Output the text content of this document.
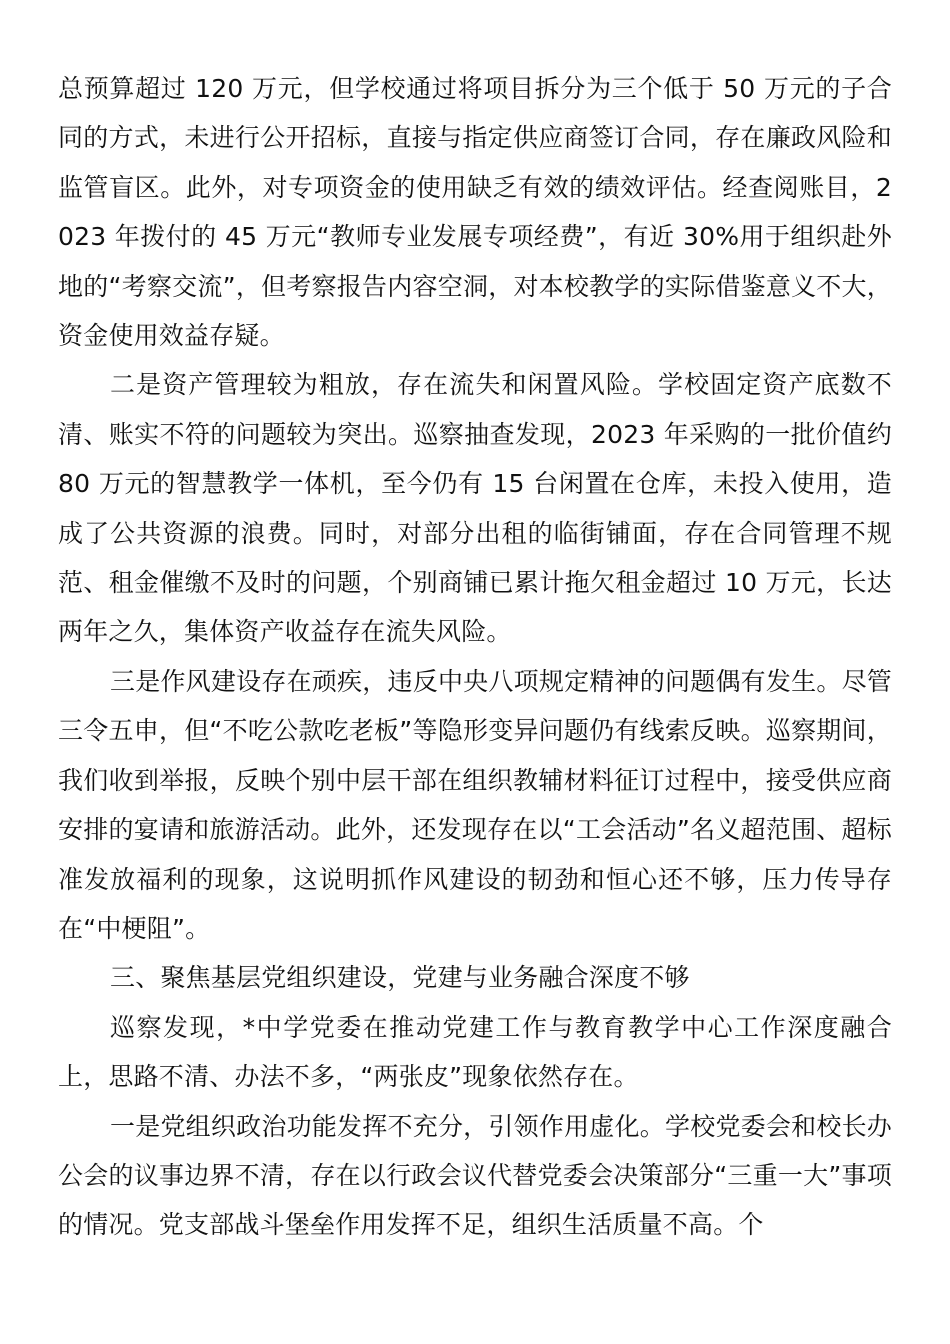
总预算超过 120 万元，但学校通过将项目拆分为三个低于 50 万元的子合同的方式，未进行公开招标，直接与指定供应商签订合同，存在廉政风险和监管盲区。此外，对专项资金的使用缺乏有效的绩效评估。经查阅账目，2023 年拨付的 45 万元“教师专业发展专项经费”，有近 30%用于组织赴外地的“考察交流”，但考察报告内容空洞，对本校教学的实际借鉴意义不大，资金使用效益存疑。

二是资产管理较为粗放，存在流失和闲置风险。学校固定资产底数不清、账实不符的问题较为突出。巡察抽查发现，2023 年采购的一批价值约 80 万元的智慧教学一体机，至今仍有 15 台闲置在仓库，未投入使用，造成了公共资源的浪费。同时，对部分出租的临街铺面，存在合同管理不规范、租金催缴不及时的问题，个别商铺已累计拖欠租金超过 10 万元，长达两年之久，集体资产收益存在流失风险。

三是作风建设存在顽疾，违反中央八项规定精神的问题偶有发生。尽管三令五申，但“不吃公款吃老板”等隐形变异问题仍有线索反映。巡察期间，我们收到举报，反映个别中层干部在组织教辅材料征订过程中，接受供应商安排的宴请和旅游活动。此外，还发现存在以“工会活动”名义超范围、超标准发放福利的现象，这说明抓作风建设的韧劲和恒心还不够，压力传导存在“中梗阻”。

三、聚焦基层党组织建设，党建与业务融合深度不够

巡察发现，*中学党委在推动党建工作与教育教学中心工作深度融合上，思路不清、办法不多，“两张皮”现象依然存在。

一是党组织政治功能发挥不充分，引领作用虚化。学校党委会和校长办公会的议事边界不清，存在以行政会议代替党委会决策部分“三重一大”事项的情况。党支部战斗堡垒作用发挥不足，组织生活质量不高。个
